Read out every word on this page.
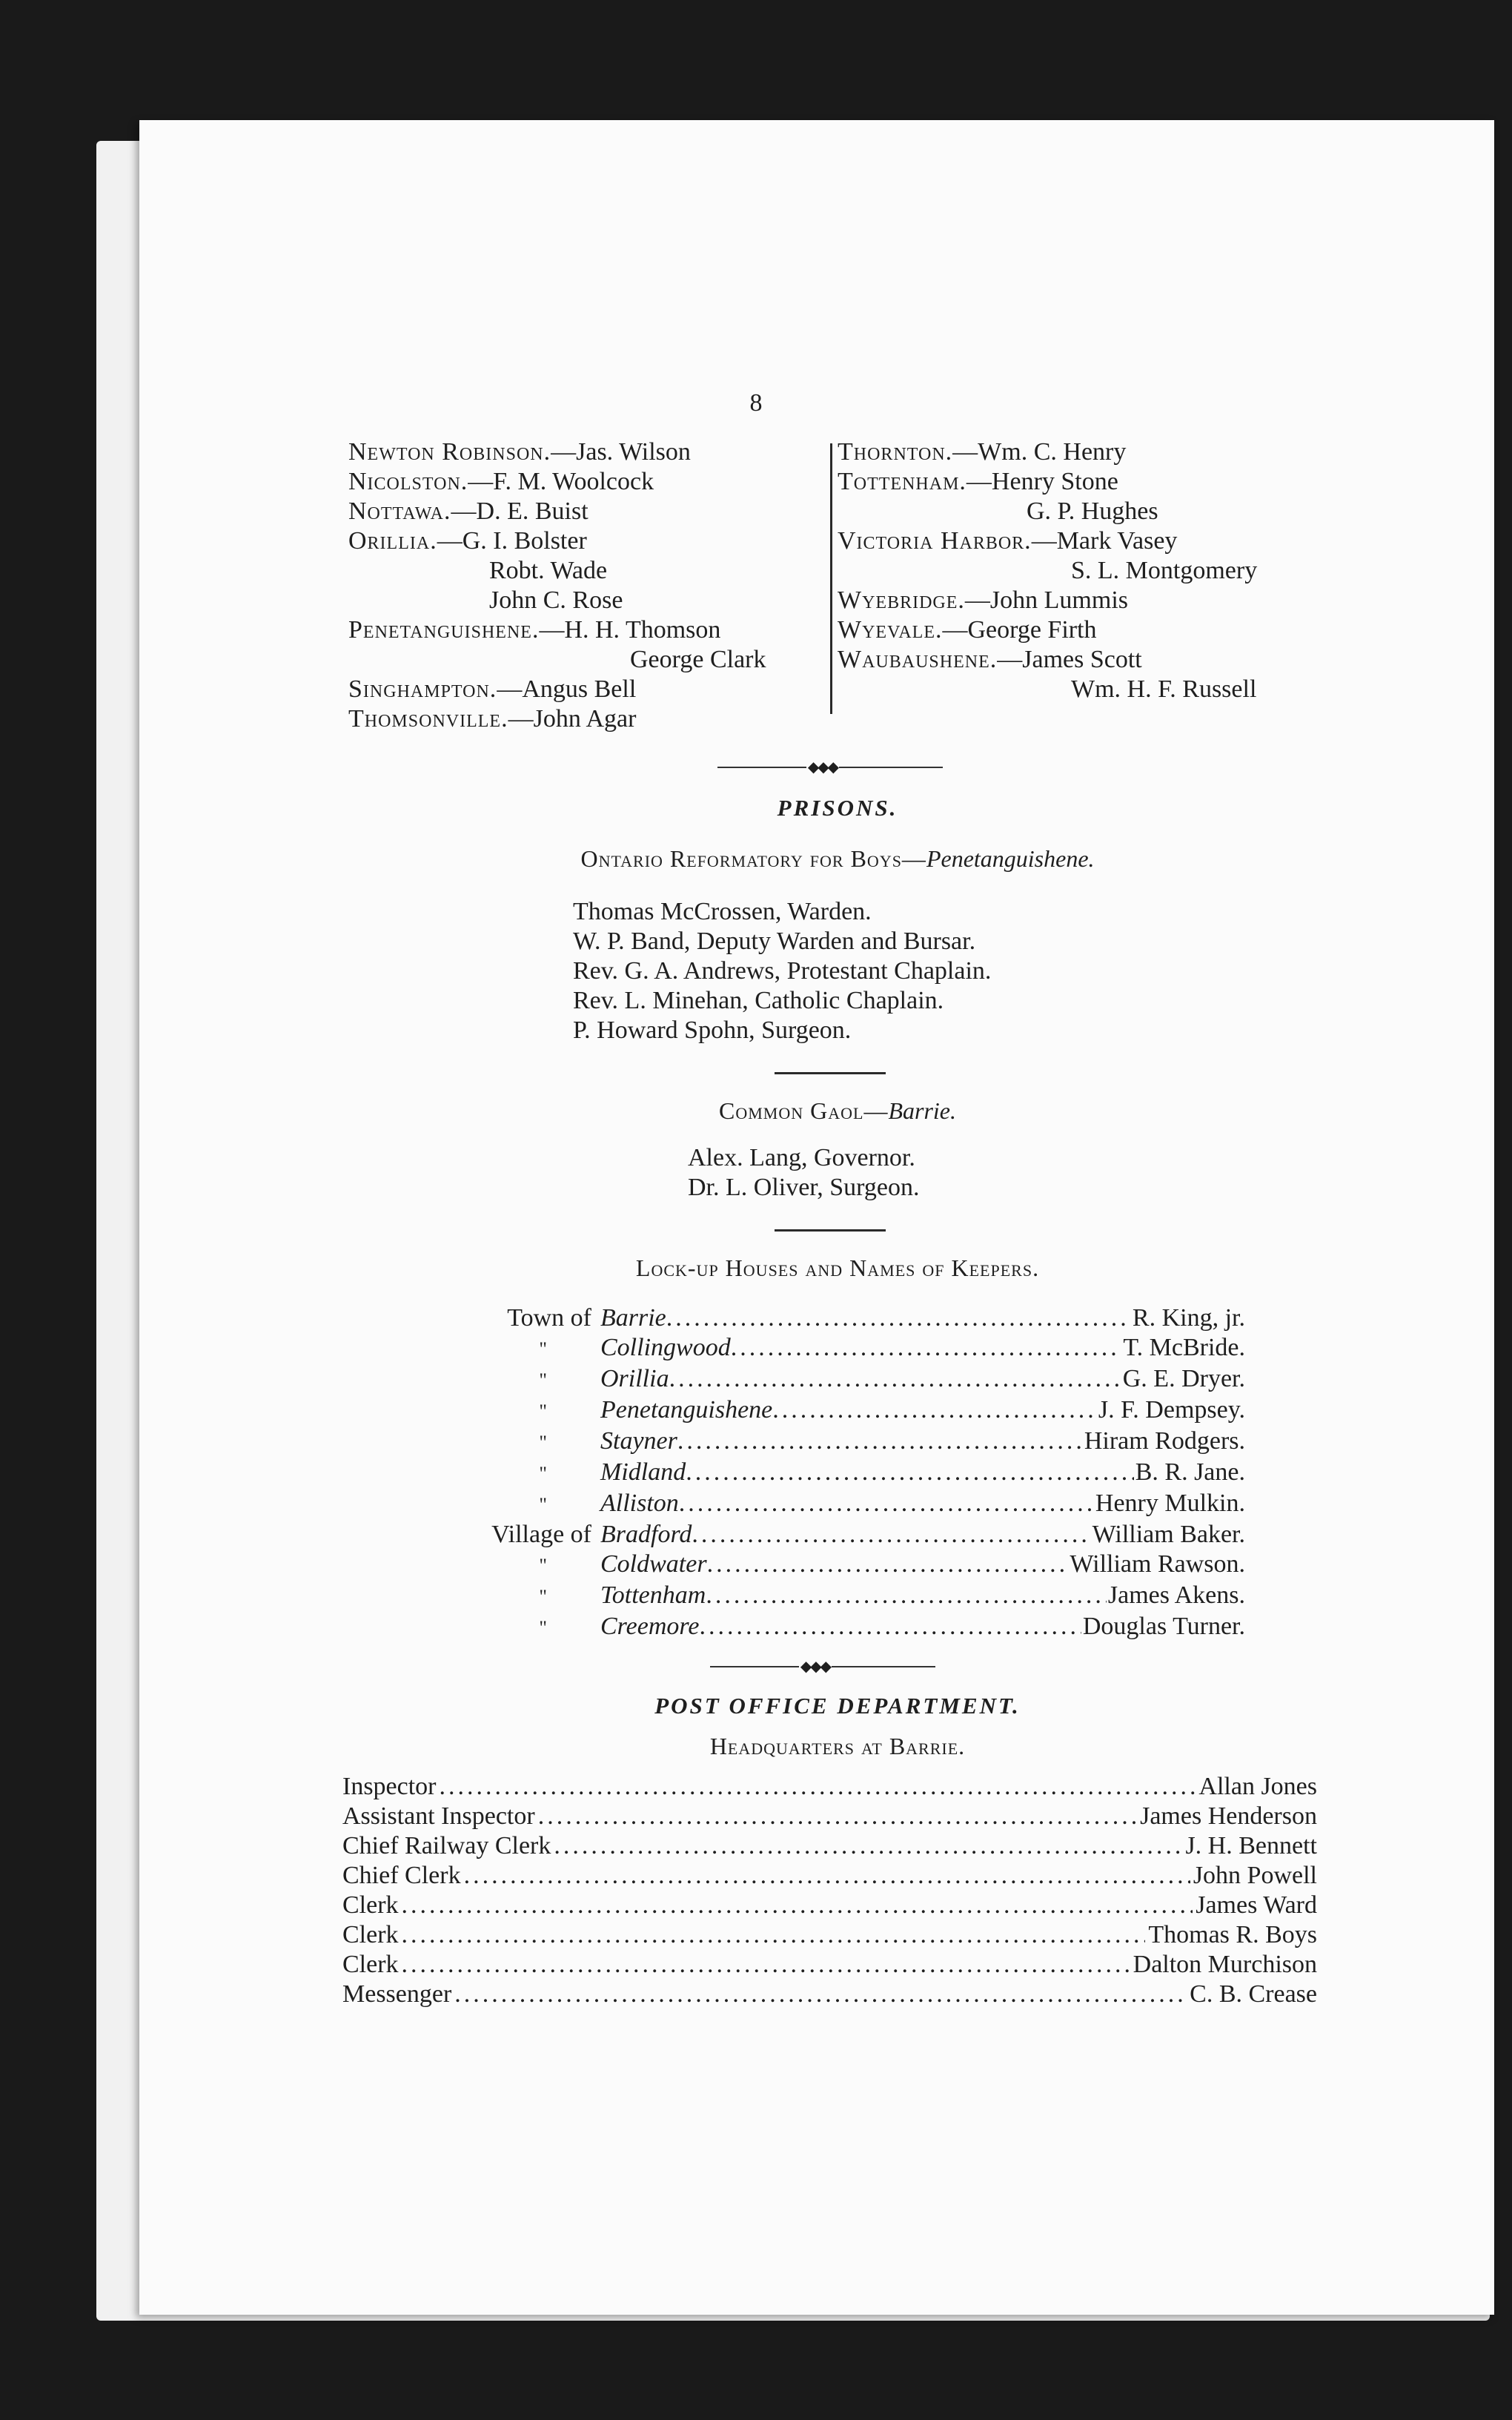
8
Newton Robinson.—Jas. Wilson
Nicolston.—F. M. Woolcock
Nottawa.—D. E. Buist
Orillia.—G. I. Bolster
Robt. Wade
John C. Rose
Penetanguishene.—H. H. Thomson
George Clark
Singhampton.—Angus Bell
Thomsonville.—John Agar
Thornton.—Wm. C. Henry
Tottenham.—Henry Stone
G. P. Hughes
Victoria Harbor.—Mark Vasey
S. L. Montgomery
Wyebridge.—John Lummis
Wyevale.—George Firth
Waubaushene.—James Scott
Wm. H. F. Russell
◆◆◆
PRISONS.
Ontario Reformatory for Boys—Penetanguishene.
Thomas McCrossen, Warden.
W. P. Band, Deputy Warden and Bursar.
Rev. G. A. Andrews, Protestant Chaplain.
Rev. L. Minehan, Catholic Chaplain.
P. Howard Spohn, Surgeon.
Common Gaol—Barrie.
Alex. Lang, Governor.
Dr. L. Oliver, Surgeon.
Lock-up Houses and Names of Keepers.
Town of Barrie .....	R. King, jr.
"	Collingwood .....	T. McBride.
"	Orillia .....	G. E. Dryer.
"	Penetanguishene .....	J. F. Dempsey.
"	Stayner .....	Hiram Rodgers.
"	Midland .....	B. R. Jane.
"	Alliston .....	Henry Mulkin.
Village of Bradford .....	William Baker.
"	Coldwater .....	William Rawson.
"	Tottenham .....	James Akens.
"	Creemore .....	Douglas Turner.
◆◆◆
POST OFFICE DEPARTMENT.
Headquarters at Barrie.
Inspector .....	Allan Jones
Assistant Inspector .....	James Henderson
Chief Railway Clerk .....	J. H. Bennett
Chief Clerk .....	John Powell
Clerk .....	James Ward
Clerk .....	Thomas R. Boys
Clerk .....	Dalton Murchison
Messenger .....	C. B. Crease
